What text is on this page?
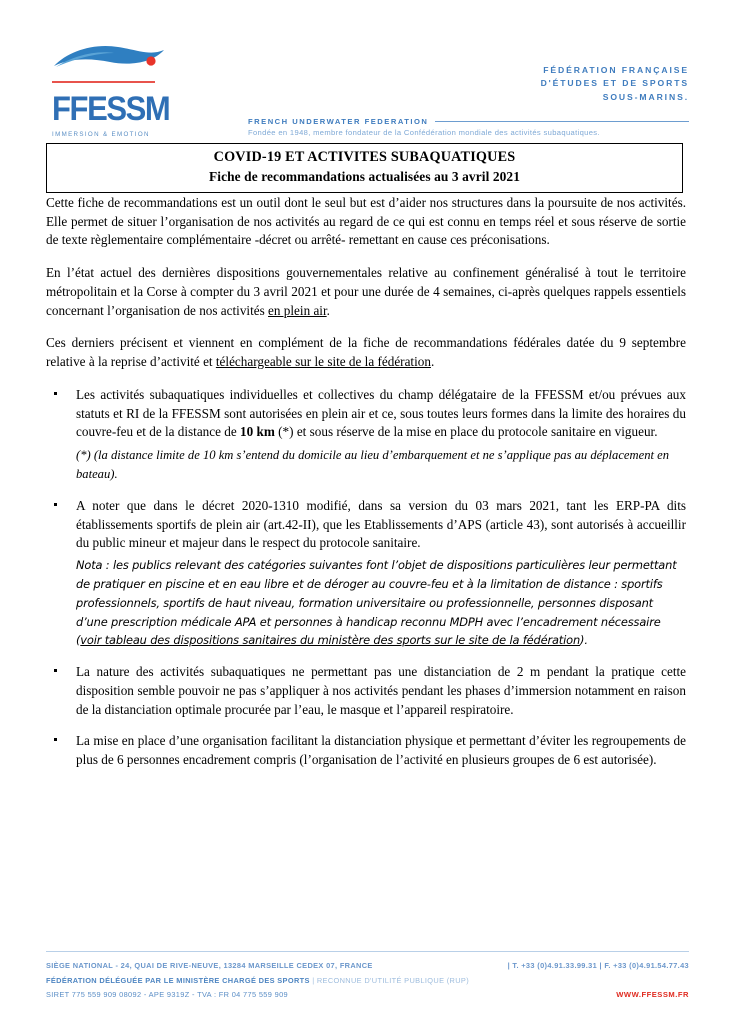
FFESSM
IMMERSION & EMOTION
FÉDÉRATION FRANÇAISE
D'ÉTUDES ET DE SPORTS
SOUS-MARINS.
FRENCH UNDERWATER FEDERATION
Fondée en 1948, membre fondateur de la Confédération mondiale des activités subaquatiques.
COVID-19 ET ACTIVITES SUBAQUATIQUES
Fiche de recommandations actualisées au 3 avril 2021

Cette fiche de recommandations est un outil dont le seul but est d’aider nos structures dans la poursuite de nos activités. Elle permet de situer l’organisation de nos activités au regard de ce qui est connu en temps réel et sous réserve de sortie de texte règlementaire complémentaire -décret ou arrêté- remettant en cause ces préconisations.

En l’état actuel des dernières dispositions gouvernementales relative au confinement généralisé à tout le territoire métropolitain et la Corse à compter du 3 avril 2021 et pour une durée de 4 semaines, ci-après quelques rappels essentiels concernant l’organisation de nos activités en plein air.

Ces derniers précisent et viennent en complément de la fiche de recommandations fédérales datée du 9 septembre relative à la reprise d’activité et téléchargeable sur le site de la fédération.

Les activités subaquatiques individuelles et collectives du champ délégataire de la FFESSM et/ou prévues aux statuts et RI de la FFESSM sont autorisées en plein air et ce, sous toutes leurs formes dans la limite des horaires du couvre-feu et de la distance de 10 km (*) et sous réserve de la mise en place du protocole sanitaire en vigueur.
(*) (la distance limite de 10 km s’entend du domicile au lieu d’embarquement et ne s’applique pas au déplacement en bateau).
A noter que dans le décret 2020-1310 modifié, dans sa version du 03 mars 2021, tant les ERP-PA dits établissements sportifs de plein air (art.42-II), que les Etablissements d’APS (article 43), sont autorisés à accueillir du public mineur et majeur dans le respect du protocole sanitaire.
Nota : les publics relevant des catégories suivantes font l’objet de dispositions particulières leur permettant de pratiquer en piscine et en eau libre et de déroger au couvre-feu et à la limitation de distance : sportifs professionnels, sportifs de haut niveau, formation universitaire ou professionnelle, personnes disposant d’une prescription médicale APA et personnes à handicap reconnu MDPH avec l’encadrement nécessaire (voir tableau des dispositions sanitaires du ministère des sports sur le site de la fédération).
La nature des activités subaquatiques ne permettant pas une distanciation de 2 m pendant la pratique cette disposition semble pouvoir ne pas s’appliquer à nos activités pendant les phases d’immersion notamment en raison de la distanciation optimale procurée par l’eau, le masque et l’appareil respiratoire.
La mise en place d’une organisation facilitant la distanciation physique et permettant d’éviter les regroupements de plus de 6 personnes encadrement compris (l’organisation de l’activité en plusieurs groupes de 6 est autorisée).
SIÈGE NATIONAL - 24, QUAI DE RIVE-NEUVE, 13284 MARSEILLE CEDEX 07, FRANCE	| T. +33 (0)4.91.33.99.31 | F. +33 (0)4.91.54.77.43
FÉDÉRATION DÉLÉGUÉE PAR LE MINISTÈRE CHARGÉ DES SPORTS | RECONNUE D'UTILITÉ PUBLIQUE (RUP)
SIRET 775 559 909 08092 - APE 9319Z - TVA : FR 04 775 559 909	WWW.FFESSM.FR
